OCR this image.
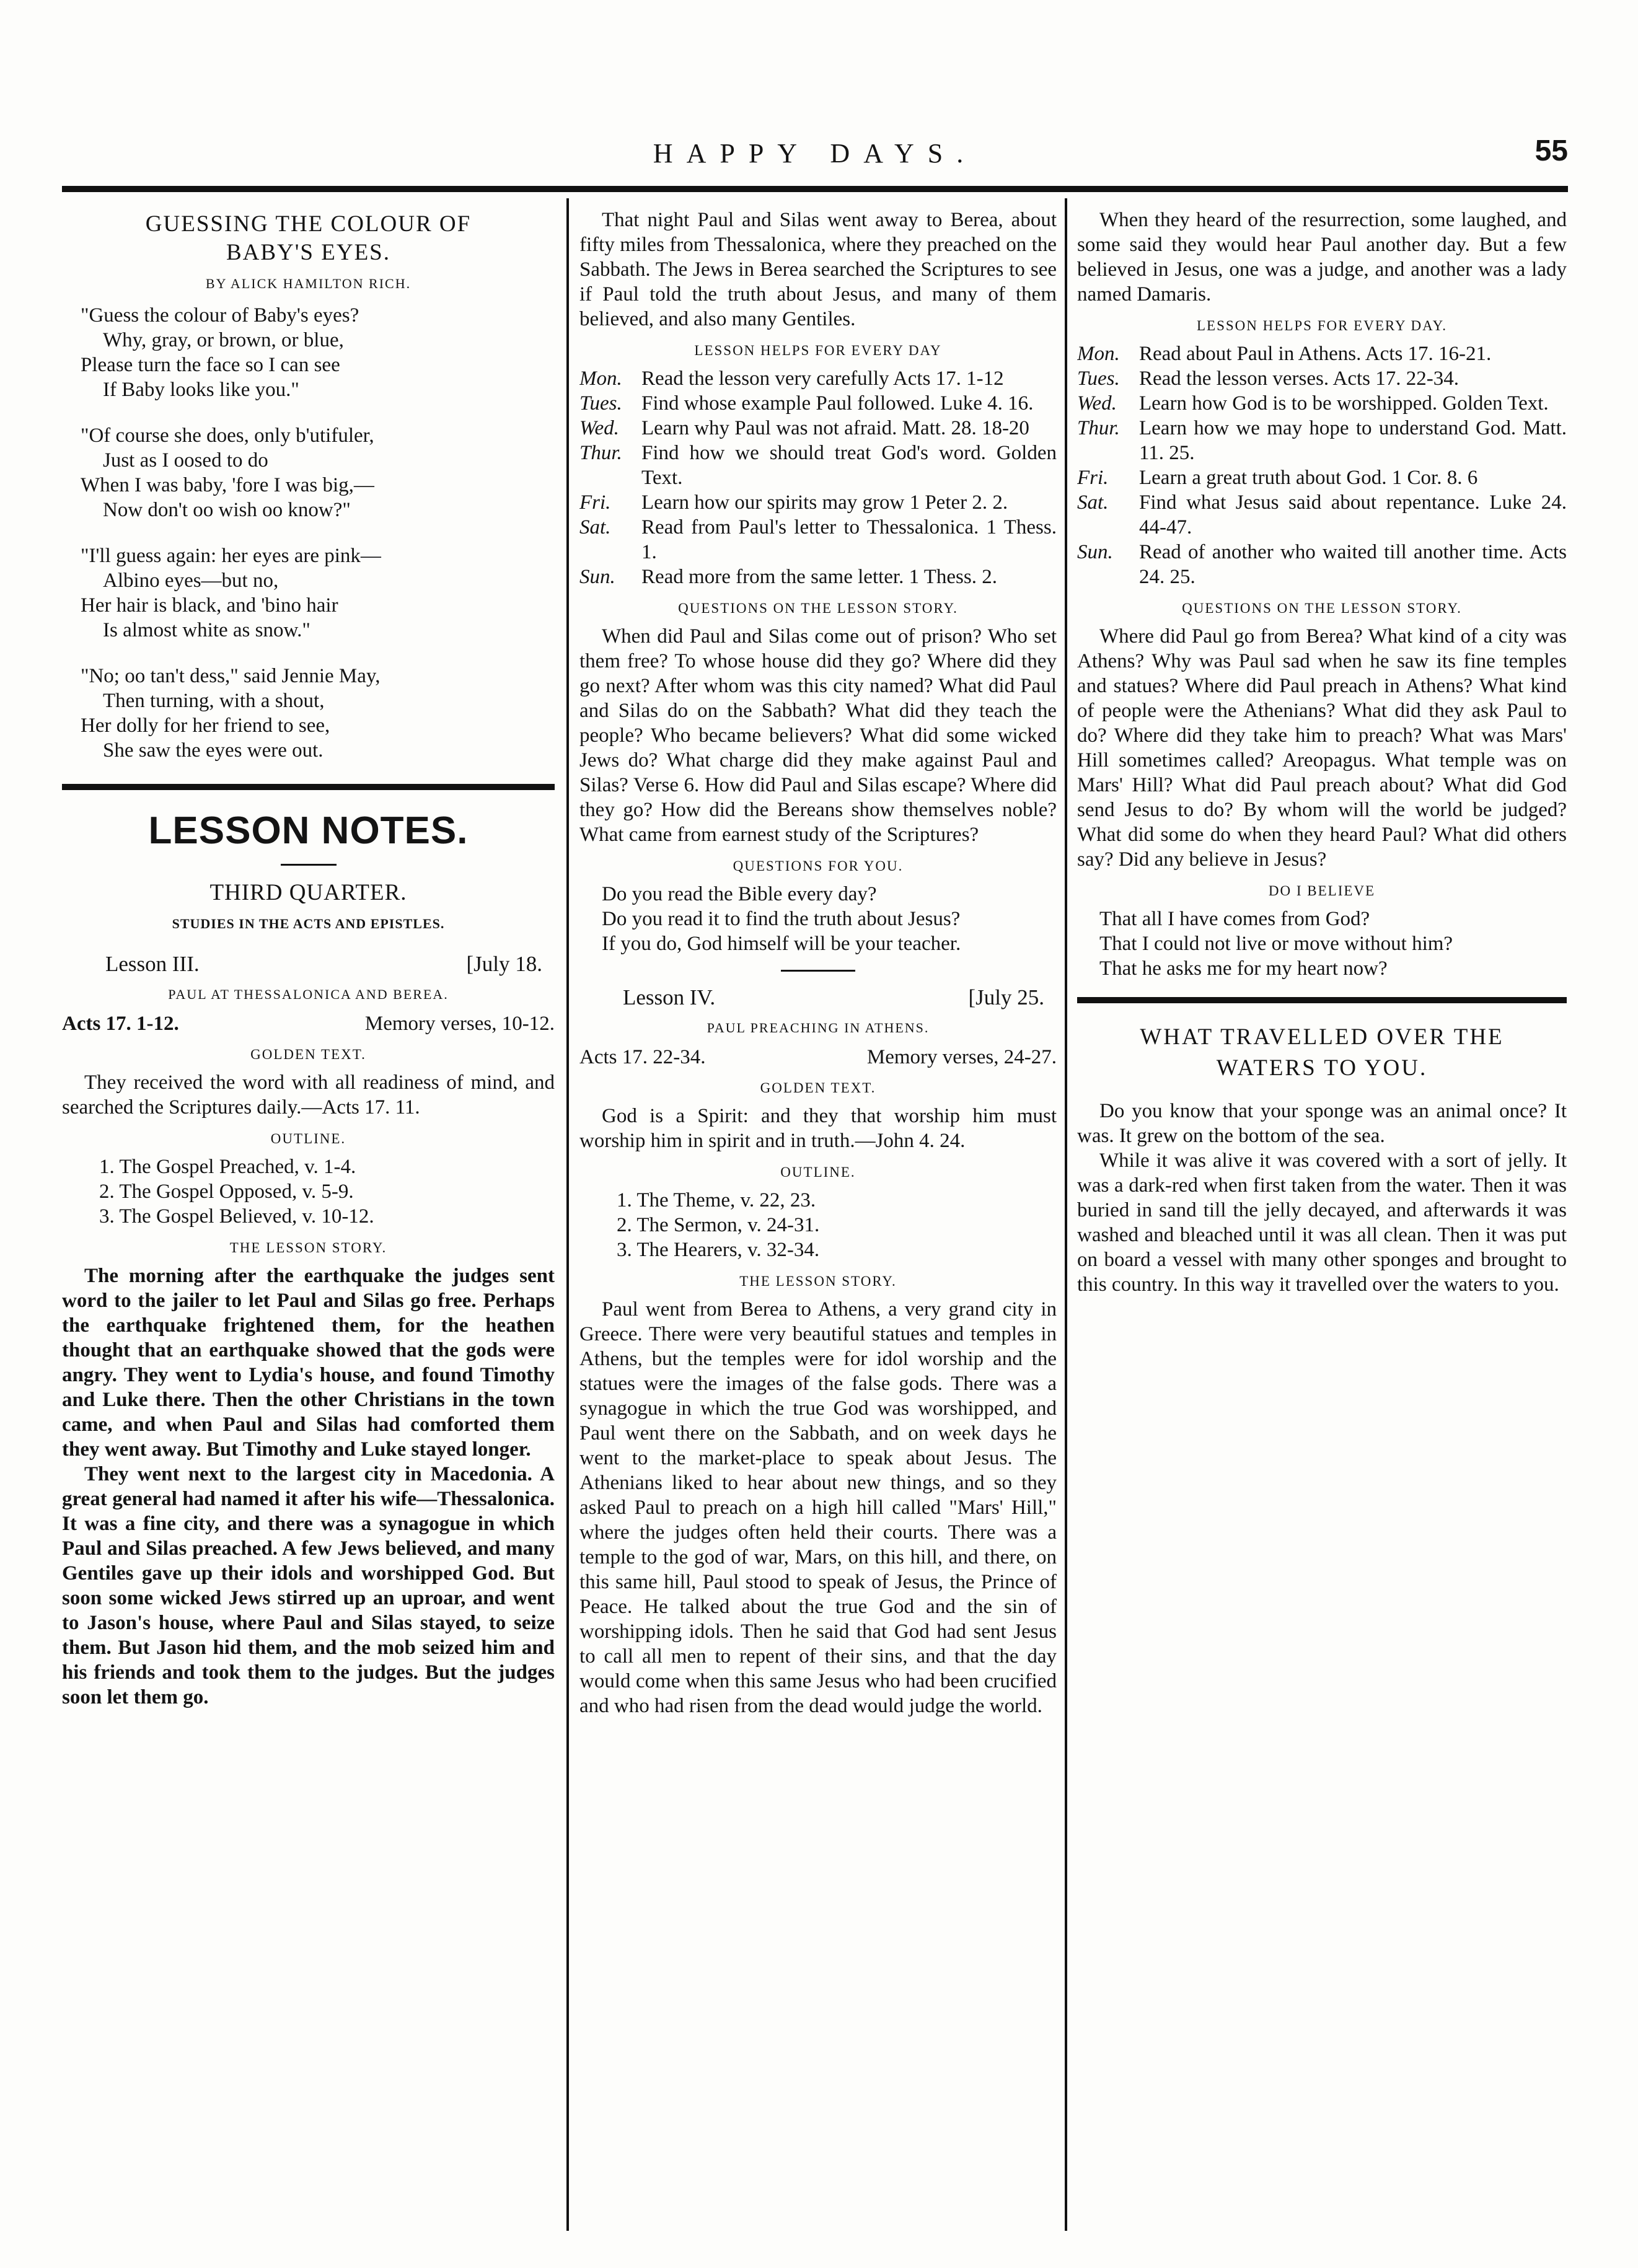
HAPPY DAYS.	55
GUESSING THE COLOUR OF
BABY'S EYES.
BY ALICK HAMILTON RICH.
"Guess the colour of Baby's eyes?
Why, gray, or brown, or blue,
Please turn the face so I can see
If Baby looks like you."
"Of course she does, only b'utifuler,
Just as I oosed to do
When I was baby, 'fore I was big,—
Now don't oo wish oo know?"
"I'll guess again: her eyes are pink—
Albino eyes—but no,
Her hair is black, and 'bino hair
Is almost white as snow."
"No; oo tan't dess," said Jennie May,
Then turning, with a shout,
Her dolly for her friend to see,
She saw the eyes were out.
LESSON NOTES.
THIRD QUARTER.
STUDIES IN THE ACTS AND EPISTLES.
Lesson III.	[July 18.
PAUL AT THESSALONICA AND BEREA.
Acts 17. 1-12.	Memory verses, 10-12.
GOLDEN TEXT.

They received the word with all readiness of mind, and searched the Scriptures daily.—Acts 17. 11.

OUTLINE.
1. The Gospel Preached, v. 1-4.
2. The Gospel Opposed, v. 5-9.
3. The Gospel Believed, v. 10-12.
THE LESSON STORY.

The morning after the earthquake the judges sent word to the jailer to let Paul and Silas go free. Perhaps the earthquake frightened them, for the heathen thought that an earthquake showed that the gods were angry. They went to Lydia's house, and found Timothy and Luke there. Then the other Christians in the town came, and when Paul and Silas had comforted them they went away. But Timothy and Luke stayed longer.

They went next to the largest city in Macedonia. A great general had named it after his wife—Thessalonica. It was a fine city, and there was a synagogue in which Paul and Silas preached. A few Jews believed, and many Gentiles gave up their idols and worshipped God. But soon some wicked Jews stirred up an uproar, and went to Jason's house, where Paul and Silas stayed, to seize them. But Jason hid them, and the mob seized him and his friends and took them to the judges. But the judges soon let them go.

That night Paul and Silas went away to Berea, about fifty miles from Thessalonica, where they preached on the Sabbath. The Jews in Berea searched the Scriptures to see if Paul told the truth about Jesus, and many of them believed, and also many Gentiles.

LESSON HELPS FOR EVERY DAY
Mon. Read the lesson very carefully Acts 17. 1-12
Tues. Find whose example Paul followed. Luke 4. 16.
Wed.	Learn why Paul was not afraid. Matt. 28. 18-20
Thur. Find how we should treat God's word. Golden Text.
Fri.	Learn how our spirits may grow 1 Peter 2. 2.
Sat.	Read from Paul's letter to Thessalonica. 1 Thess. 1.
Sun.	Read more from the same letter. 1 Thess. 2.
QUESTIONS ON THE LESSON STORY.

When did Paul and Silas come out of prison? Who set them free? To whose house did they go? Where did they go next? After whom was this city named? What did Paul and Silas do on the Sabbath? What did they teach the people? Who became believers? What did some wicked Jews do? What charge did they make against Paul and Silas? Verse 6. How did Paul and Silas escape? Where did they go? How did the Bereans show themselves noble? What came from earnest study of the Scriptures?

QUESTIONS FOR YOU.

Do you read the Bible every day?

Do you read it to find the truth about Jesus?

If you do, God himself will be your teacher.

Lesson IV.	[July 25.
PAUL PREACHING IN ATHENS.
Acts 17. 22-34.	Memory verses, 24-27.
GOLDEN TEXT.

God is a Spirit: and they that worship him must worship him in spirit and in truth.—John 4. 24.

OUTLINE.
1. The Theme, v. 22, 23.
2. The Sermon, v. 24-31.
3. The Hearers, v. 32-34.
THE LESSON STORY.

Paul went from Berea to Athens, a very grand city in Greece. There were very beautiful statues and temples in Athens, but the temples were for idol worship and the statues were the images of the false gods. There was a synagogue in which the true God was worshipped, and Paul went there on the Sabbath, and on week days he went to the market-place to speak about Jesus. The Athenians liked to hear about new things, and so they asked Paul to preach on a high hill called "Mars' Hill," where the judges often held their courts. There was a temple to the god of war, Mars, on this hill, and there, on this same hill, Paul stood to speak of Jesus, the Prince of Peace. He talked about the true God and the sin of worshipping idols. Then he said that God had sent Jesus to call all men to repent of their sins, and that the day would come when this same Jesus who had been crucified and who had risen from the dead would judge the world.

When they heard of the resurrection, some laughed, and some said they would hear Paul another day. But a few believed in Jesus, one was a judge, and another was a lady named Damaris.

LESSON HELPS FOR EVERY DAY.
Mon. Read about Paul in Athens. Acts 17. 16-21.
Tues. Read the lesson verses. Acts 17. 22-34.
Wed.	Learn how God is to be worshipped. Golden Text.
Thur. Learn how we may hope to understand God. Matt. 11. 25.
Fri.	Learn a great truth about God. 1 Cor. 8. 6
Sat.	Find what Jesus said about repentance. Luke 24. 44-47.
Sun.	Read of another who waited till another time. Acts 24. 25.
QUESTIONS ON THE LESSON STORY.

Where did Paul go from Berea? What kind of a city was Athens? Why was Paul sad when he saw its fine temples and statues? Where did Paul preach in Athens? What kind of people were the Athenians? What did they ask Paul to do? Where did they take him to preach? What was Mars' Hill sometimes called? Areopagus. What temple was on Mars' Hill? What did Paul preach about? What did God send Jesus to do? By whom will the world be judged? What did some do when they heard Paul? What did others say? Did any believe in Jesus?

DO I BELIEVE

That all I have comes from God?

That I could not live or move without him?

That he asks me for my heart now?

WHAT TRAVELLED OVER THE
WATERS TO YOU.

Do you know that your sponge was an animal once? It was. It grew on the bottom of the sea.

While it was alive it was covered with a sort of jelly. It was a dark-red when first taken from the water. Then it was buried in sand till the jelly decayed, and afterwards it was washed and bleached until it was all clean. Then it was put on board a vessel with many other sponges and brought to this country. In this way it travelled over the waters to you.
